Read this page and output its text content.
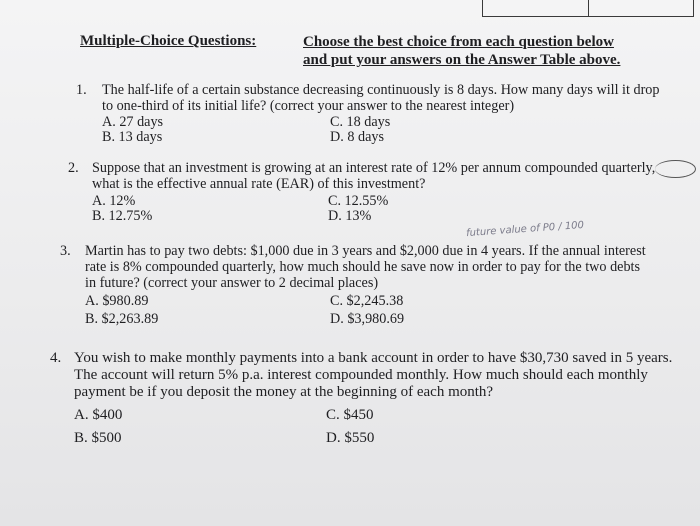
Multiple-Choice Questions:	Choose the best choice from each question below
and put your answers on the Answer Table above.
1. The half-life of a certain substance decreasing continuously is 8 days. How many days will it drop
to one-third of its initial life? (correct your answer to the nearest integer)
A. 27 days
B. 13 days
C. 18 days
D. 8 days
2. Suppose that an investment is growing at an interest rate of 12% per annum compounded quarterly,
what is the effective annual rate (EAR) of this investment?
A. 12%
B. 12.75%
C. 12.55%
D. 13%
future value of P0 / 100
3. Martin has to pay two debts: $1,000 due in 3 years and $2,000 due in 4 years. If the annual interest
rate is 8% compounded quarterly, how much should he save now in order to pay for the two debts
in future? (correct your answer to 2 decimal places)
A. $980.89
B. $2,263.89
C. $2,245.38
D. $3,980.69
4. You wish to make monthly payments into a bank account in order to have $30,730 saved in 5 years.
The account will return 5% p.a. interest compounded monthly. How much should each monthly
payment be if you deposit the money at the beginning of each month?
A. $400
B. $500
C. $450
D. $550
